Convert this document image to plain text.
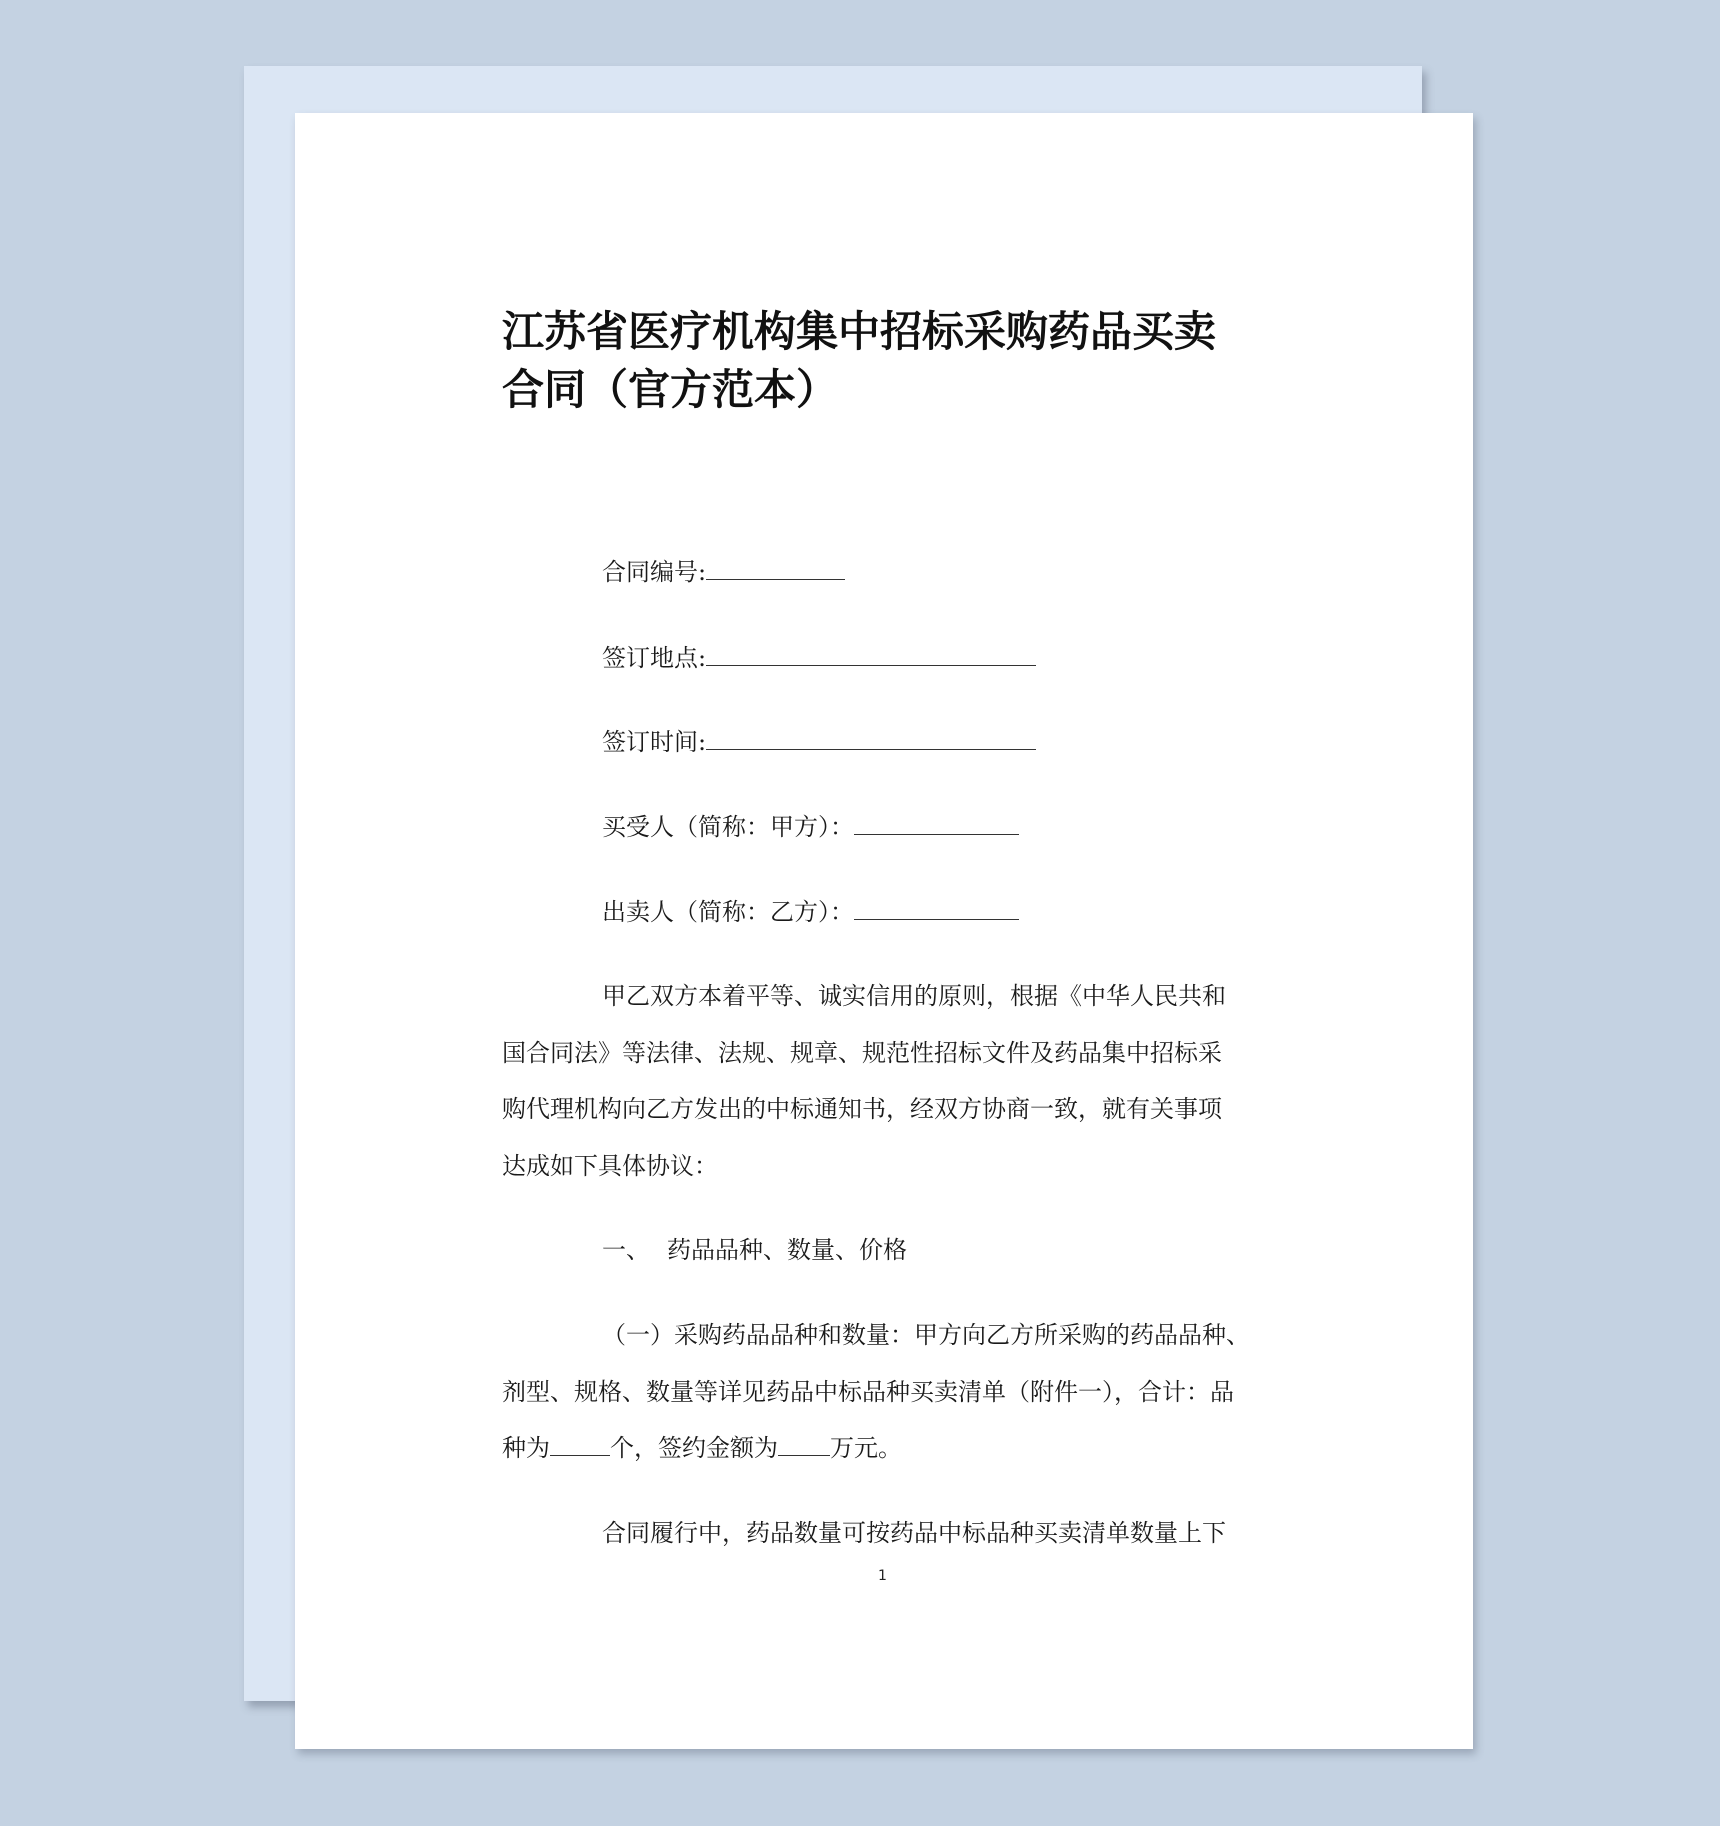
江苏省医疗机构集中招标采购药品买卖
合同（官方范本）
合同编号:
签订地点:
签订时间:
买受人（简称：甲方）：
出卖人（简称：乙方）：
甲乙双方本着平等、诚实信用的原则，根据《中华人民共和
国合同法》等法律、法规、规章、规范性招标文件及药品集中招标采
购代理机构向乙方发出的中标通知书，经双方协商一致，就有关事项
达成如下具体协议：
一、 药品品种、数量、价格
（一）采购药品品种和数量：甲方向乙方所采购的药品品种、
剂型、规格、数量等详见药品中标品种买卖清单（附件一），合计：品
种为	个，签约金额为 万元。
合同履行中，药品数量可按药品中标品种买卖清单数量上下
1
